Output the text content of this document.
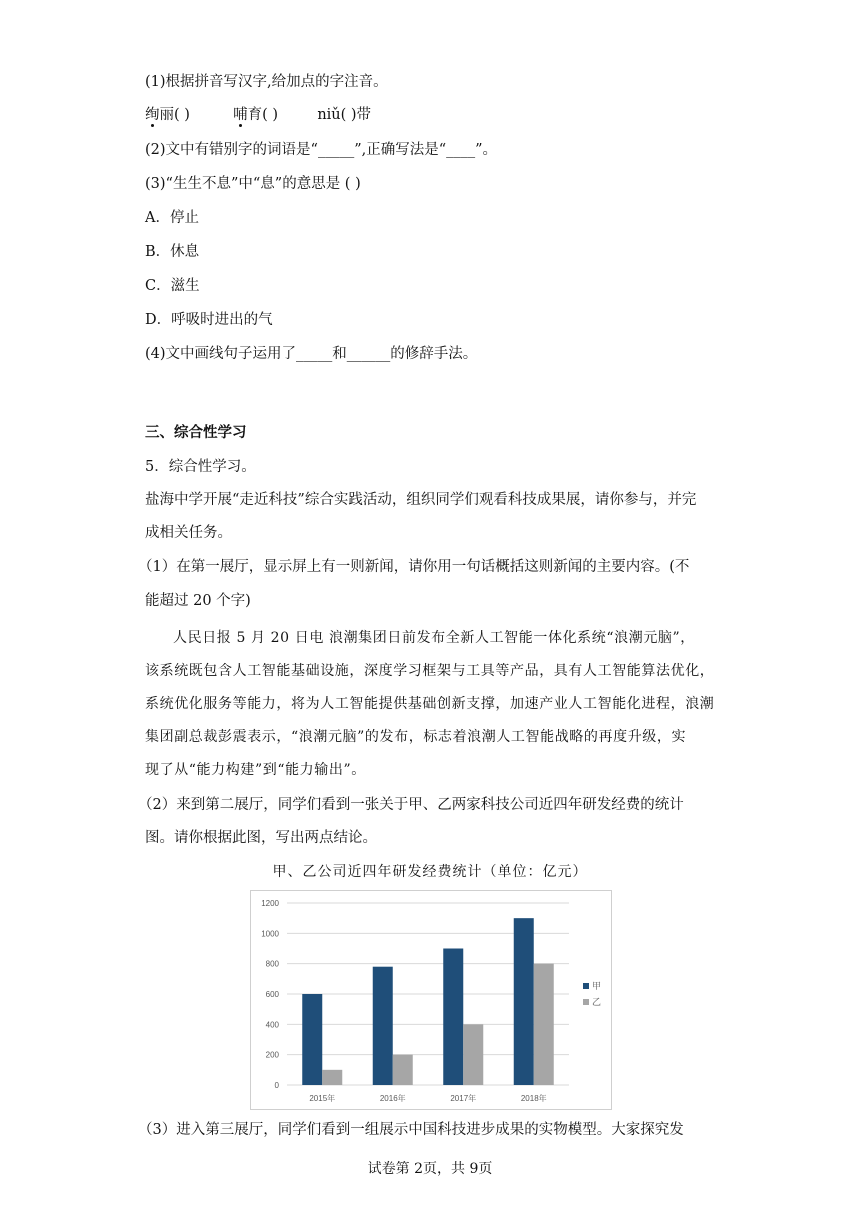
(1)根据拼音写汉字,给加点的字注音。
绚丽( )	哺育( )	niǔ( )带
(2)文中有错别字的词语是“_____”,正确写法是“____”。
(3)“生生不息”中“息”的意思是 ( )
A．停止
B．休息
C．滋生
D．呼吸时进出的气
(4)文中画线句子运用了_____和______的修辞手法。
三、综合性学习
5．综合性学习。
盐海中学开展“走近科技”综合实践活动，组织同学们观看科技成果展，请你参与，并完
成相关任务。
（1）在第一展厅，显示屏上有一则新闻，请你用一句话概括这则新闻的主要内容。(不
能超过 20 个字)
人民日报 5 月 20 日电 浪潮集团日前发布全新人工智能一体化系统“浪潮元脑”，
该系统既包含人工智能基础设施，深度学习框架与工具等产品，具有人工智能算法优化，
系统优化服务等能力，将为人工智能提供基础创新支撑，加速产业人工智能化进程，浪潮
集团副总裁彭震表示，“浪潮元脑”的发布，标志着浪潮人工智能战略的再度升级，实
现了从“能力构建”到“能力输出”。
（2）来到第二展厅，同学们看到一张关于甲、乙两家科技公司近四年研发经费的统计
图。请你根据此图，写出两点结论。
甲、乙公司近四年研发经费统计（单位：亿元）
0
200
400
600
800
1000
1200
2015年	2016年	2017年	2018年
甲
乙
（3）进入第三展厅，同学们看到一组展示中国科技进步成果的实物模型。大家探究发
试卷第 2页，共 9页
